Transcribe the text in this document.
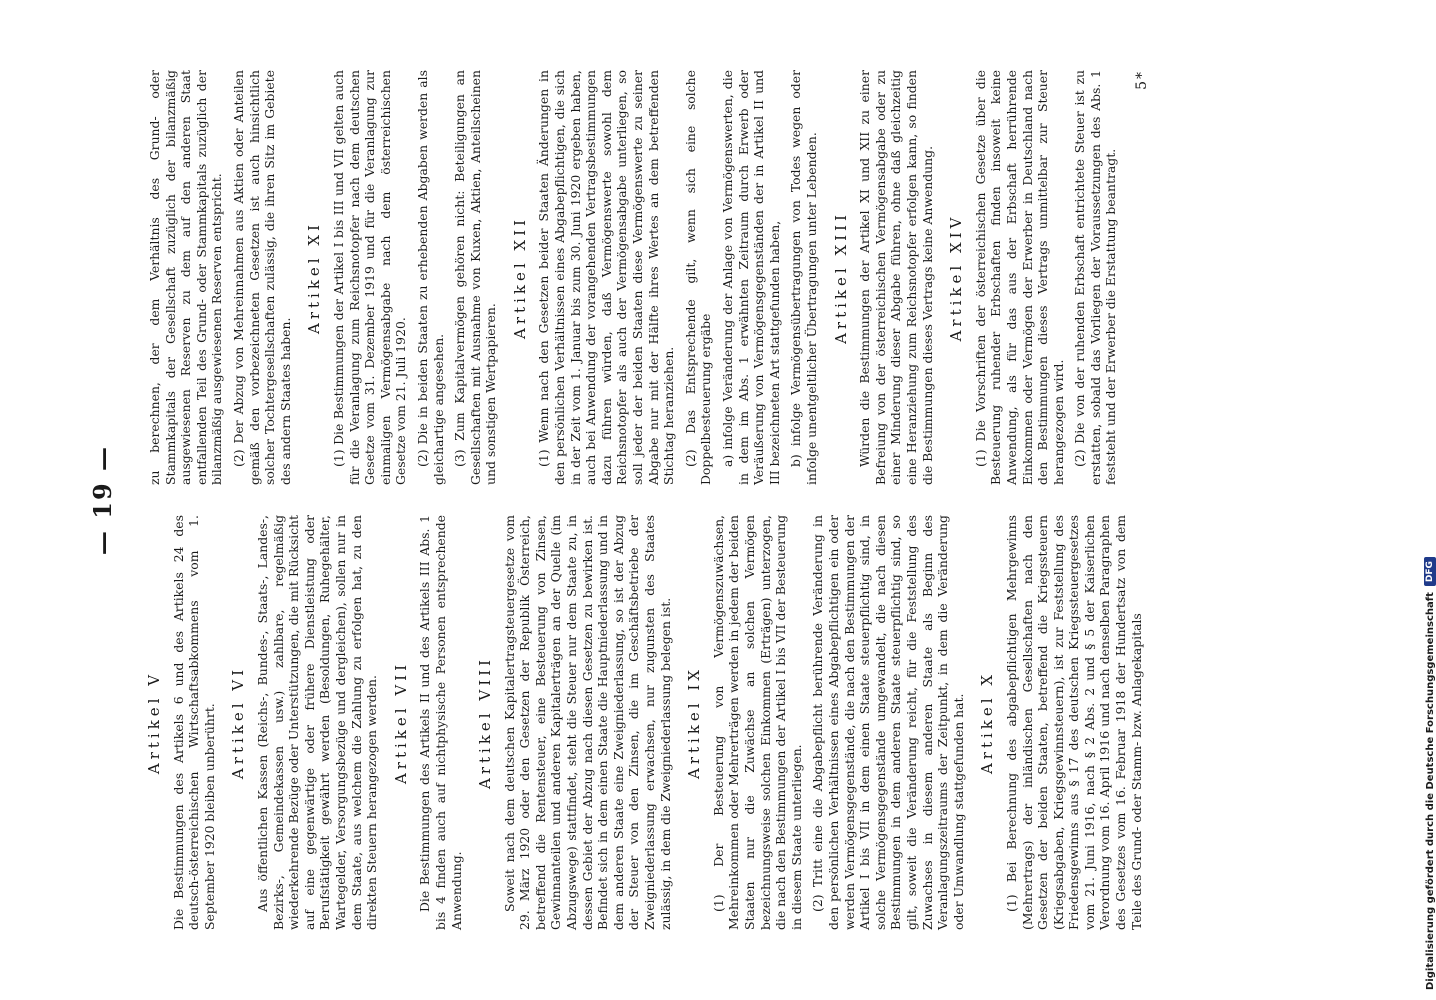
— 19 —
Artikel V Die Bestimmungen des Artikels 6 und des Artikels 24 des deutsch-österreichischen Wirtschaftsabkommens vom 1. September 1920 bleiben unberührt. Artikel VI Aus öffentlichen Kassen (Reichs-, Bundes-, Staats-, Landes-, Bezirks-, Gemeindekassen usw.) zahlbare, regelmäßig wiederkehrende Bezüge oder Unterstützungen, die mit Rücksicht auf eine gegenwärtige oder frühere Dienstleistung oder Berufstätigkeit gewährt werden (Besoldungen, Ruhegehälter, Wartegelder, Versorgungsbezüge und dergleichen), sollen nur in dem Staate, aus welchem die Zahlung zu erfolgen hat, zu den direkten Steuern herangezogen werden. Artikel VII Die Bestimmungen des Artikels II und des Artikels III Abs. 1 bis 4 finden auch auf nichtphysische Personen entsprechende Anwendung.

Artikel VIII Soweit nach dem deutschen Kapitalertragsteuergesetze vom 29. März 1920 oder den Gesetzen der Republik Österreich, betreffend die Rentensteuer, eine Besteuerung von Zinsen, Gewinnanteilen und anderen Kapitalerträgen an der Quelle (im Abzugswege) stattfindet, steht die Steuer nur dem Staate zu, in dessen Gebiet der Abzug nach diesen Gesetzen zu bewirken ist. Befindet sich in dem einen Staate die Hauptniederlassung und in dem anderen Staate eine Zweigniederlassung, so ist der Abzug der Steuer von den Zinsen, die im Geschäftsbetriebe der Zweigniederlassung erwachsen, nur zugunsten des Staates zulässig, in dem die Zweigniederlassung belegen ist. Artikel IX (1) Der Besteuerung von Vermögenszuwächsen, Mehreinkommen oder Mehrerträgen werden in jedem der beiden Staaten nur die Zuwächse an solchen Vermögen bezeichnungsweise solchen Einkommen (Erträgen) unterzogen, die nach den Bestimmungen der Artikel I bis VII der Besteuerung in diesem Staate unterliegen. (2) Tritt eine die Abgabepflicht berührende Veränderung in den persönlichen Verhältnissen eines Abgabepflichtigen ein oder werden Vermögensgegenstände, die nach den Bestimmungen der Artikel I bis VII in dem einen Staate steuerpflichtig sind, in solche Vermögensgegenstände umgewandelt, die nach diesen Bestimmungen in dem anderen Staate steuerpflichtig sind, so gilt, soweit die Veränderung reicht, für die Feststellung des Zuwachses in diesem anderen Staate als Beginn des Veranlagungszeitraums der Zeitpunkt, in dem die Veränderung oder Umwandlung stattgefunden hat. Artikel X (1) Bei Berechnung des abgabepflichtigen Mehrgewinns (Mehrertrags) der inländischen Gesellschaften nach den Gesetzen der beiden Staaten, betreffend die Kriegssteuern (Kriegsabgaben, Kriegsgewinnsteuern), ist zur Feststellung des Friedensgewinns aus § 17 des deutschen Kriegssteuergesetzes vom 21. Juni 1916, nach § 2 Abs. 2 und § 5 der Kaiserlichen Verordnung vom 16. April 1916 und nach denselben Paragraphen des Gesetzes vom 16. Februar 1918 der Hundertsatz von dem Teile des Grund- oder Stamm- bzw. Anlagekapitals

zu berechnen, der dem Verhältnis des Grund- oder Stammkapitals der Gesellschaft zuzüglich der bilanzmäßig ausgewiesenen Reserven zu dem auf den anderen Staat entfallenden Teil des Grund- oder Stammkapitals zuzüglich der bilanzmäßig ausgewiesenen Reserven entspricht. (2) Der Abzug von Mehreinnahmen aus Aktien oder Anteilen gemäß den vorbezeichneten Gesetzen ist auch hinsichtlich solcher Tochtergesellschaften zulässig, die ihren Sitz im Gebiete des andern Staates haben.

Artikel XI (1) Die Bestimmungen der Artikel I bis III und VII gelten auch für die Veranlagung zum Reichsnotopfer nach dem deutschen Gesetze vom 31. Dezember 1919 und für die Veranlagung zur einmaligen Vermögensabgabe nach dem österreichischen Gesetze vom 21. Juli 1920. (2) Die in beiden Staaten zu erhebenden Abgaben werden als gleichartige angesehen. (3) Zum Kapitalvermögen gehören nicht: Beteiligungen an Gesellschaften mit Ausnahme von Kuxen, Aktien, Anteilscheinen und sonstigen Wertpapieren.

Artikel XII (1) Wenn nach den Gesetzen beider Staaten Änderungen in den persönlichen Verhältnissen eines Abgabepflichtigen, die sich in der Zeit vom 1. Januar bis zum 30. Juni 1920 ergeben haben, auch bei Anwendung der vorangehenden Vertragsbestimmungen dazu führen würden, daß Vermögenswerte sowohl dem Reichsnotopfer als auch der Vermögensabgabe unterliegen, so soll jeder der beiden Staaten diese Vermögenswerte zu seiner Abgabe nur mit der Hälfte ihres Wertes an dem betreffenden Stichtag heranziehen. (2) Das Entsprechende gilt, wenn sich eine solche Doppelbesteuerung ergäbe a) infolge Veränderung der Anlage von Vermögenswerten, die in dem im Abs. 1 erwähnten Zeitraum durch Erwerb oder Veräußerung von Vermögensgegenständen der in Artikel II und III bezeichneten Art stattgefunden haben, b) infolge Vermögensübertragungen von Todes wegen oder infolge unentgeltlicher Übertragungen unter Lebenden. Artikel XIII Würden die Bestimmungen der Artikel XI und XII zu einer Befreiung von der österreichischen Vermögensabgabe oder zu einer Minderung dieser Abgabe führen, ohne daß gleichzeitig eine Heranziehung zum Reichsnotopfer erfolgen kann, so finden die Bestimmungen dieses Vertrags keine Anwendung. Artikel XIV (1) Die Vorschriften der österreichischen Gesetze über die Besteuerung ruhender Erbschaften finden insoweit keine Anwendung, als für das aus der Erbschaft herrührende Einkommen oder Vermögen der Erwerber in Deutschland nach den Bestimmungen dieses Vertrags unmittelbar zur Steuer herangezogen wird. (2) Die von der ruhenden Erbschaft entrichtete Steuer ist zu erstatten, sobald das Vorliegen der Voraussetzungen des Abs. 1 feststeht und der Erwerber die Erstattung beantragt.

5*
Digitalisierung gefördert durch die Deutsche Forschungsgemeinschaft
DFG
